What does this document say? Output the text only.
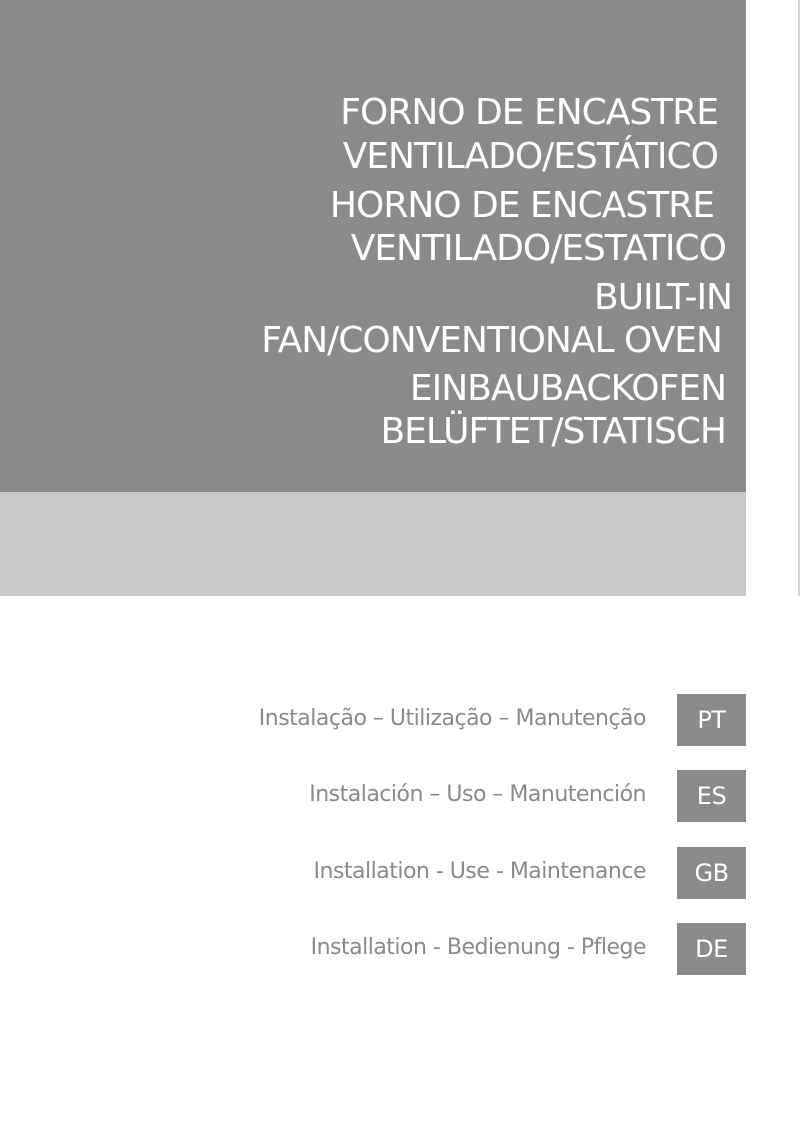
FORNO DE ENCASTRE
VENTILADO/ESTÁTICO
HORNO DE ENCASTRE
VENTILADO/ESTATICO
BUILT-IN
FAN/CONVENTIONAL OVEN
EINBAUBACKOFEN
BELÜFTET/STATISCH
Instalação – Utilização – Manutenção	PT
Instalación – Uso – Manutención	ES
Installation - Use - Maintenance	GB
Installation - Bedienung - Pflege	DE
